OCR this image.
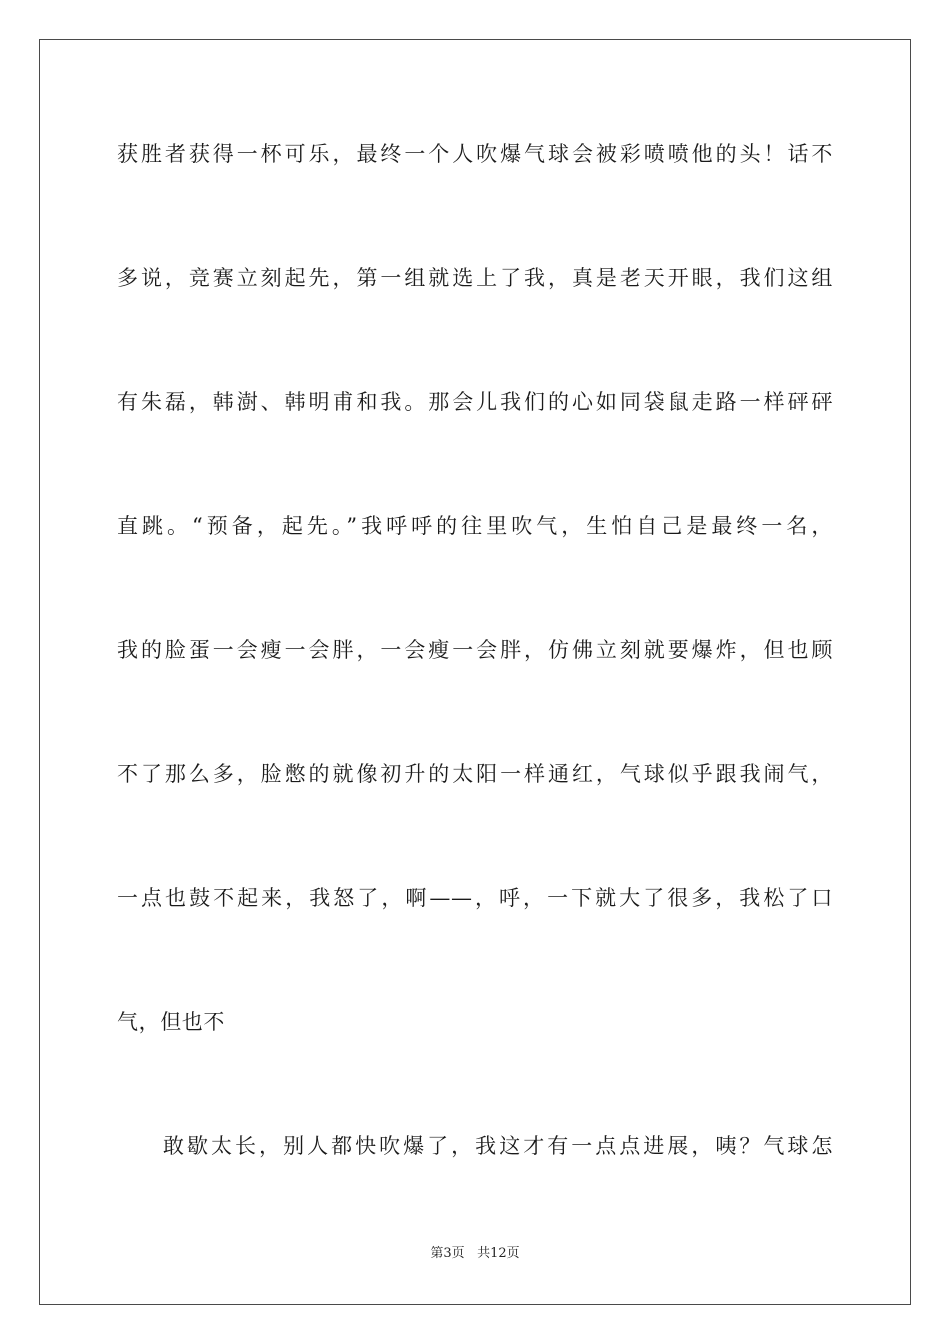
获胜者获得一杯可乐，最终一个人吹爆气球会被彩喷喷他的头！话不
多说，竞赛立刻起先，第一组就选上了我，真是老天开眼，我们这组
有朱磊，韩澍、韩明甫和我。那会儿我们的心如同袋鼠走路一样砰砰
直跳。“预备，起先。”我呼呼的往里吹气，生怕自己是最终一名，
我的脸蛋一会瘦一会胖，一会瘦一会胖，仿佛立刻就要爆炸，但也顾
不了那么多，脸憋的就像初升的太阳一样通红，气球似乎跟我闹气，
一点也鼓不起来，我怒了，啊——，呼，一下就大了很多，我松了口
气，但也不
敢歇太长，别人都快吹爆了，我这才有一点点进展，咦？气球怎
第3页 共12页
